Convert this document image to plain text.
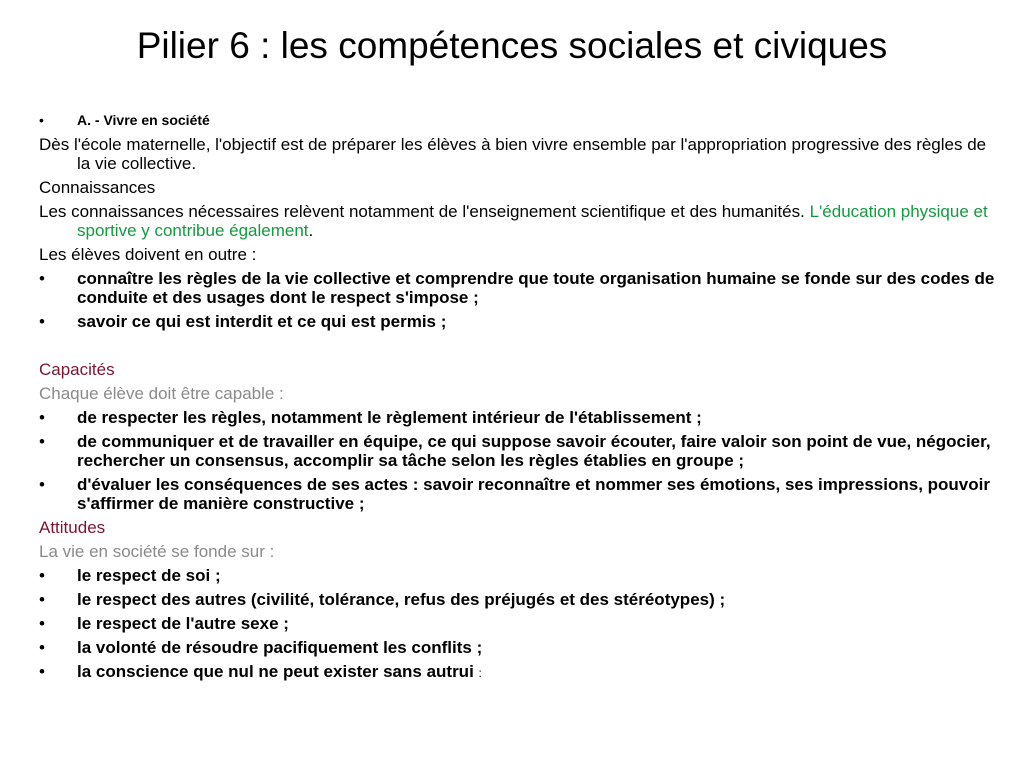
Pilier 6 : les compétences sociales et civiques
• A. - Vivre en société
Dès l'école maternelle, l'objectif est de préparer les élèves à bien vivre ensemble par l'appropriation progressive des règles de la vie collective.
Connaissances
Les connaissances nécessaires relèvent notamment de l'enseignement scientifique et des humanités. L'éducation physique et sportive y contribue également.
Les élèves doivent en outre :
• connaître les règles de la vie collective et comprendre que toute organisation humaine se fonde sur des codes de conduite et des usages dont le respect s'impose ;
• savoir ce qui est interdit et ce qui est permis ;
Capacités
Chaque élève doit être capable :
• de respecter les règles, notamment le règlement intérieur de l'établissement ;
• de communiquer et de travailler en équipe, ce qui suppose savoir écouter, faire valoir son point de vue, négocier, rechercher un consensus, accomplir sa tâche selon les règles établies en groupe ;
• d'évaluer les conséquences de ses actes : savoir reconnaître et nommer ses émotions, ses impressions, pouvoir s'affirmer de manière constructive ;
Attitudes
La vie en société se fonde sur :
• le respect de soi ;
• le respect des autres (civilité, tolérance, refus des préjugés et des stéréotypes) ;
• le respect de l'autre sexe ;
• la volonté de résoudre pacifiquement les conflits ;
• la conscience que nul ne peut exister sans autrui :
